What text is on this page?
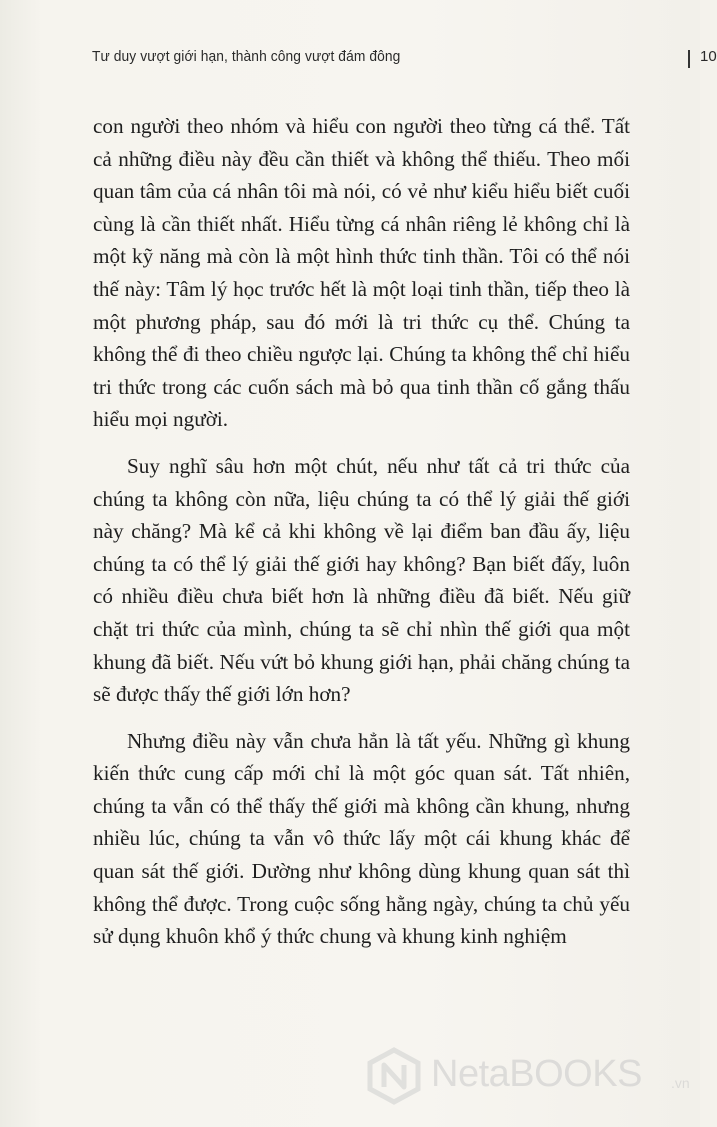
Tư duy vượt giới hạn, thành công vượt đám đông	10

con người theo nhóm và hiểu con người theo từng cá thể. Tất cả những điều này đều cần thiết và không thể thiếu. Theo mối quan tâm của cá nhân tôi mà nói, có vẻ như kiểu hiểu biết cuối cùng là cần thiết nhất. Hiểu từng cá nhân riêng lẻ không chỉ là một kỹ năng mà còn là một hình thức tinh thần. Tôi có thể nói thế này: Tâm lý học trước hết là một loại tinh thần, tiếp theo là một phương pháp, sau đó mới là tri thức cụ thể. Chúng ta không thể đi theo chiều ngược lại. Chúng ta không thể chỉ hiểu tri thức trong các cuốn sách mà bỏ qua tinh thần cố gắng thấu hiểu mọi người.

Suy nghĩ sâu hơn một chút, nếu như tất cả tri thức của chúng ta không còn nữa, liệu chúng ta có thể lý giải thế giới này chăng? Mà kể cả khi không về lại điểm ban đầu ấy, liệu chúng ta có thể lý giải thế giới hay không? Bạn biết đấy, luôn có nhiều điều chưa biết hơn là những điều đã biết. Nếu giữ chặt tri thức của mình, chúng ta sẽ chỉ nhìn thế giới qua một khung đã biết. Nếu vứt bỏ khung giới hạn, phải chăng chúng ta sẽ được thấy thế giới lớn hơn?

Nhưng điều này vẫn chưa hẳn là tất yếu. Những gì khung kiến thức cung cấp mới chỉ là một góc quan sát. Tất nhiên, chúng ta vẫn có thể thấy thế giới mà không cần khung, nhưng nhiều lúc, chúng ta vẫn vô thức lấy một cái khung khác để quan sát thế giới. Dường như không dùng khung quan sát thì không thể được. Trong cuộc sống hằng ngày, chúng ta chủ yếu sử dụng khuôn khổ ý thức chung và khung kinh nghiệm

NetaBOOKS .vn
